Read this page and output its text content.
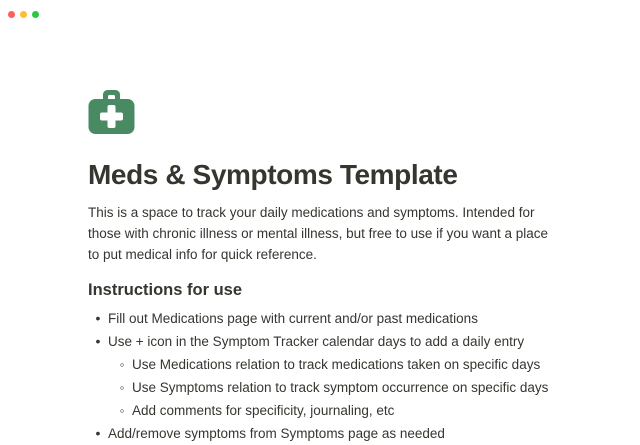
Meds & Symptoms Template

This is a space to track your daily medications and symptoms. Intended for those with chronic illness or mental illness, but free to use if you want a place to put medical info for quick reference.

Instructions for use
•
Fill out Medications page with current and/or past medications
•
Use + icon in the Symptom Tracker calendar days to add a daily entry
◦
Use Medications relation to track medications taken on specific days
◦
Use Symptoms relation to track symptom occurrence on specific days
◦
Add comments for specificity, journaling, etc
•
Add/remove symptoms from Symptoms page as needed
